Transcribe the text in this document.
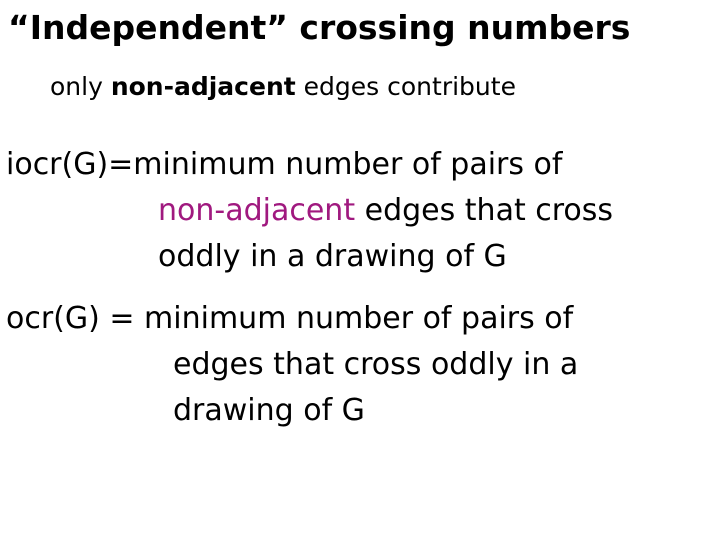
“Independent” crossing numbers
only non-adjacent edges contribute
iocr(G)=minimum number of pairs of
non-adjacent edges that cross
oddly in a drawing of G
ocr(G) = minimum number of pairs of
edges that cross oddly in a
drawing of G
